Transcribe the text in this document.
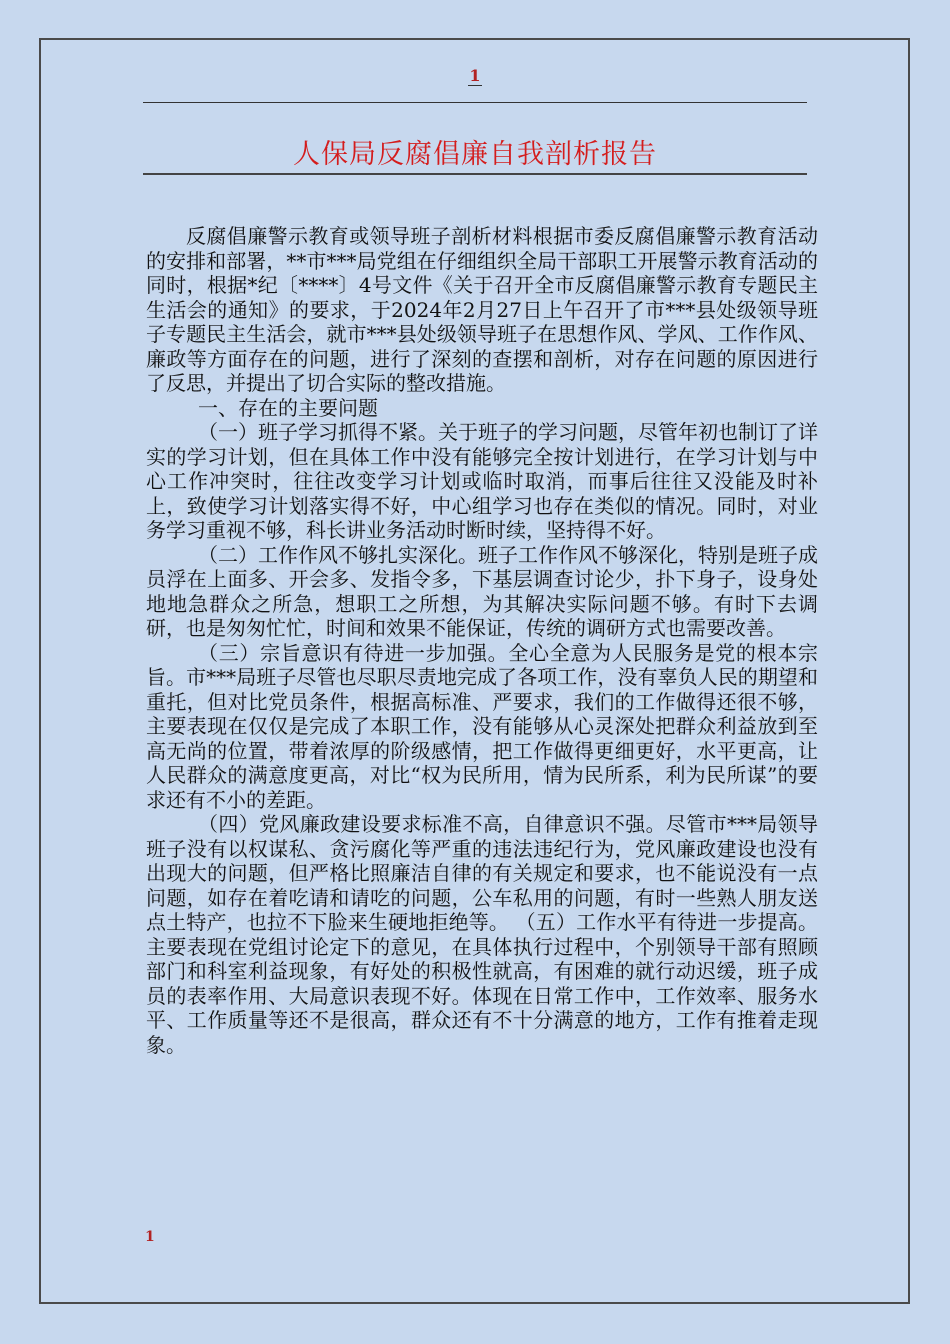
1
人保局反腐倡廉自我剖析报告

反腐倡廉警示教育或领导班子剖析材料根据市委反腐倡廉警示教育活动的安排和部署，**市***局党组在仔细组织全局干部职工开展警示教育活动的同时，根据*纪〔****〕4号文件《关于召开全市反腐倡廉警示教育专题民主生活会的通知》的要求，于2024年2月27日上午召开了市***县处级领导班子专题民主生活会，就市***县处级领导班子在思想作风、学风、工作作风、廉政等方面存在的问题，进行了深刻的查摆和剖析，对存在问题的原因进行了反思，并提出了切合实际的整改措施。

一、存在的主要问题

（一）班子学习抓得不紧。关于班子的学习问题，尽管年初也制订了详实的学习计划，但在具体工作中没有能够完全按计划进行，在学习计划与中心工作冲突时，往往改变学习计划或临时取消，而事后往往又没能及时补上，致使学习计划落实得不好，中心组学习也存在类似的情况。同时，对业务学习重视不够，科长讲业务活动时断时续，坚持得不好。

（二）工作作风不够扎实深化。班子工作作风不够深化，特别是班子成员浮在上面多、开会多、发指令多，下基层调查讨论少，扑下身子，设身处地地急群众之所急，想职工之所想，为其解决实际问题不够。有时下去调研，也是匆匆忙忙，时间和效果不能保证，传统的调研方式也需要改善。

（三）宗旨意识有待进一步加强。全心全意为人民服务是党的根本宗旨。市***局班子尽管也尽职尽责地完成了各项工作，没有辜负人民的期望和重托，但对比党员条件，根据高标准、严要求，我们的工作做得还很不够，主要表现在仅仅是完成了本职工作，没有能够从心灵深处把群众利益放到至高无尚的位置，带着浓厚的阶级感情，把工作做得更细更好，水平更高，让人民群众的满意度更高，对比“权为民所用，情为民所系，利为民所谋”的要求还有不小的差距。

（四）党风廉政建设要求标准不高，自律意识不强。尽管市***局领导班子没有以权谋私、贪污腐化等严重的违法违纪行为，党风廉政建设也没有出现大的问题，但严格比照廉洁自律的有关规定和要求，也不能说没有一点问题，如存在着吃请和请吃的问题，公车私用的问题，有时一些熟人朋友送点土特产，也拉不下脸来生硬地拒绝等。 （五）工作水平有待进一步提高。主要表现在党组讨论定下的意见，在具体执行过程中，个别领导干部有照顾部门和科室利益现象，有好处的积极性就高，有困难的就行动迟缓，班子成员的表率作用、大局意识表现不好。体现在日常工作中，工作效率、服务水平、工作质量等还不是很高，群众还有不十分满意的地方，工作有推着走现象。

1
